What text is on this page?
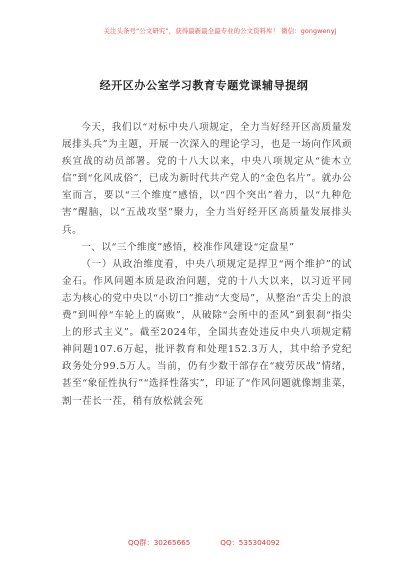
关注头条号“公文研究”，获得最新最全最专业的公文资料库！ 微信：gongwenyj
经开区办公室学习教育专题党课辅导提纲

今天，我们以“对标中央八项规定，全力当好经开区高质量发展排头兵”为主题，开展一次深入的理论学习，也是一场向作风顽疾宣战的动员部署。党的十八大以来，中央八项规定从“徙木立信”到“化风成俗”，已成为新时代共产党人的“金色名片”。就办公室而言，要以“三个维度”感悟，以“四个突出”着力，以“九种危害”醒脑，以“五战攻坚”聚力，全力当好经开区高质量发展排头兵。

一、以“三个维度”感悟，校准作风建设“定盘星”

（一）从政治维度看，中央八项规定是捍卫“两个维护”的试金石。作风问题本质是政治问题，党的十八大以来，以习近平同志为核心的党中央以“小切口”推动“大变局”，从整治“舌尖上的浪费”到叫停“车轮上的腐败”，从破除“会所中的歪风”到狠刹“指尖上的形式主义”。截至2024年，全国共查处违反中央八项规定精神问题107.6万起，批评教育和处理152.3万人，其中给予党纪政务处分99.5万人。当前，仍有少数干部存在“疲劳厌战”情绪，甚至“象征性执行”“选择性落实”，印证了“作风问题就像割韭菜，割一茬长一茬，稍有放松就会死

QQ群：30265665	QQ：535304092
